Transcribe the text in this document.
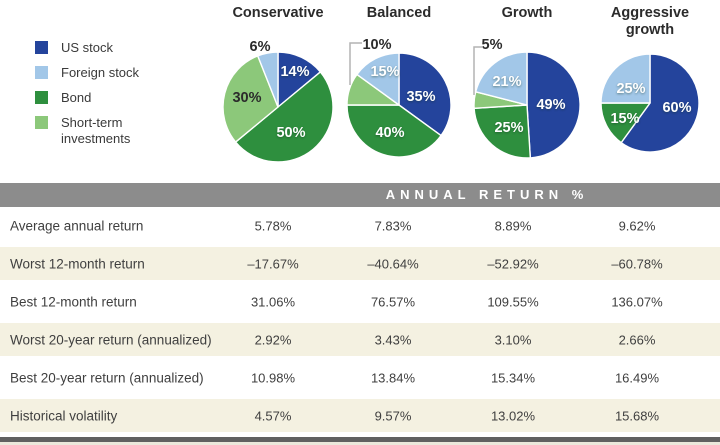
US stock
Foreign stock
Bond
Short-term investments
Conservative	Balanced	Growth	Aggressive growth
14%
50%
30%
6%
35%
40%
10%
15%
49%
25%
5%
21%
60%
15%
25%
ANNUAL RETURN %
Average annual return	5.78%	7.83%	8.89%	9.62%
Worst 12-month return	–17.67%	–40.64%	–52.92%	–60.78%
Best 12-month return	31.06%	76.57%	109.55%	136.07%
Worst 20-year return (annualized)	2.92%	3.43%	3.10%	2.66%
Best 20-year return (annualized)	10.98%	13.84%	15.34%	16.49%
Historical volatility	4.57%	9.57%	13.02%	15.68%
